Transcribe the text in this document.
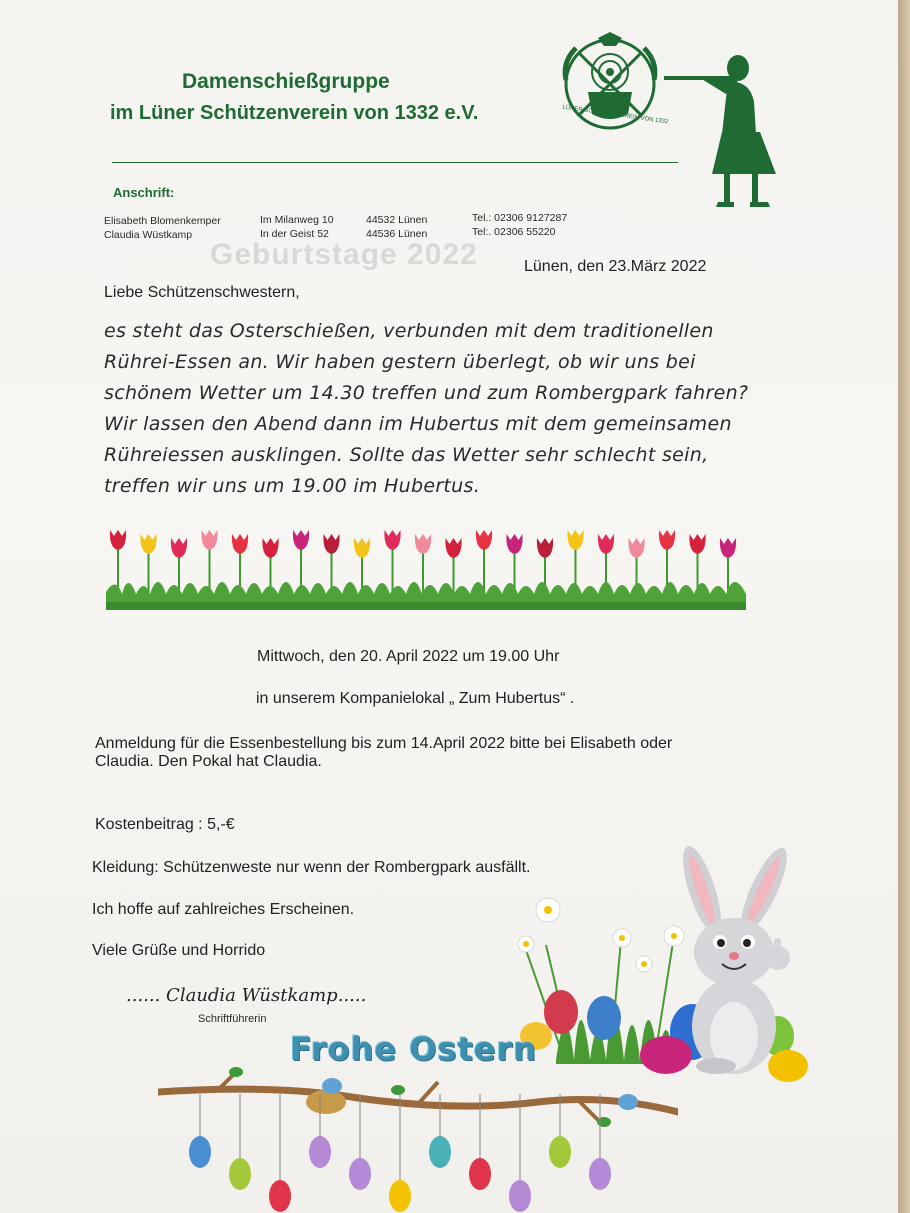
Damenschießgruppe
im Lüner Schützenverein von 1332 e.V.	LÜNER SCHÜTZENVEREIN VON 1332
Anschrift:
Elisabeth Blomenkemper
Claudia Wüstkamp
Im Milanweg 10
In der Geist 52
44532 Lünen
44536 Lünen
Tel.: 02306 9127287
Tel:. 02306 55220
Geburtstage 2022	Lünen, den 23.März 2022
Liebe Schützenschwestern,
es steht das Osterschießen, verbunden mit dem traditionellen
Rührei-Essen an. Wir haben gestern überlegt, ob wir uns bei
schönem Wetter um 14.30 treffen und zum Rombergpark fahren?
Wir lassen den Abend dann im Hubertus mit dem gemeinsamen
Rühreiessen ausklingen. Sollte das Wetter sehr schlecht sein,
treffen wir uns um 19.00 im Hubertus.
Mittwoch, den 20. April 2022 um 19.00 Uhr
in unserem Kompanielokal „ Zum Hubertus“ .
Anmeldung für die Essenbestellung bis zum 14.April 2022 bitte bei Elisabeth oder
Claudia. Den Pokal hat Claudia.
Kostenbeitrag : 5,-€
Kleidung: Schützenweste nur wenn der Rombergpark ausfällt.
Ich hoffe auf zahlreiches Erscheinen.
Viele Grüße und Horrido
...... Claudia Wüstkamp.....
Schriftführerin
Frohe Ostern
